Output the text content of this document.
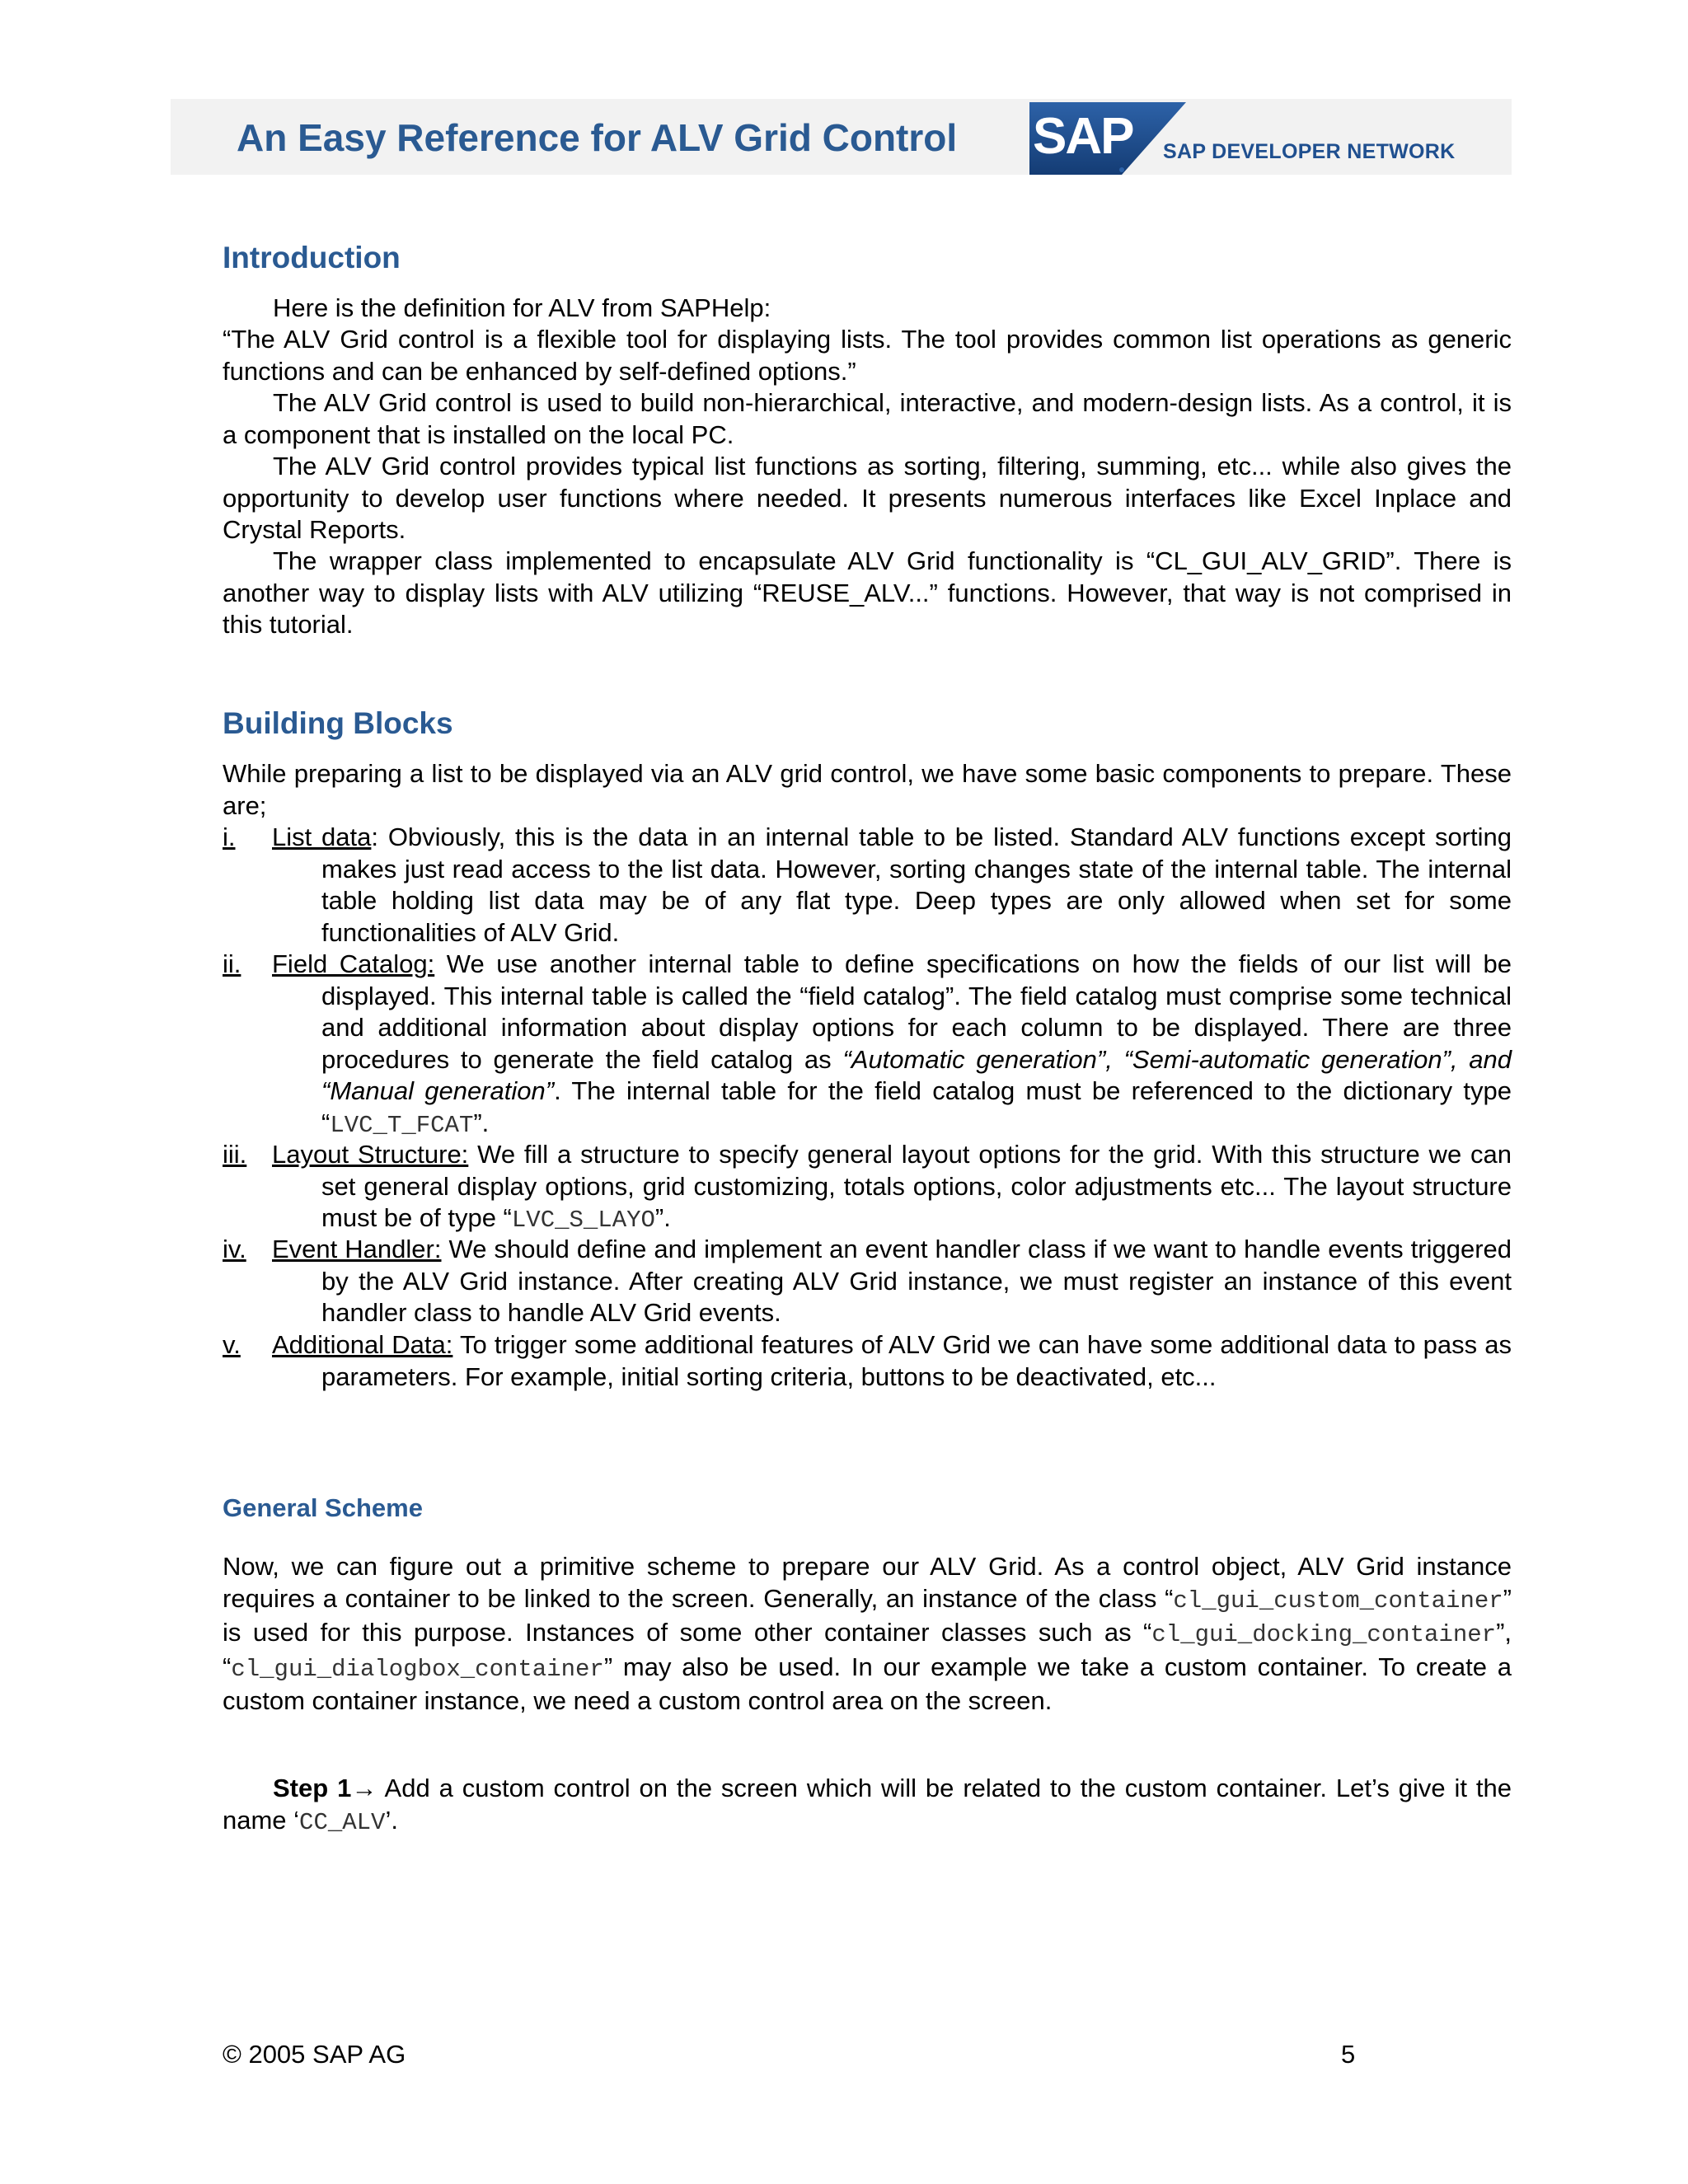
An Easy Reference for ALV Grid Control SAP SAP DEVELOPER NETWORK
Introduction
Here is the definition for ALV from SAPHelp:
“The ALV Grid control is a flexible tool for displaying lists. The tool provides common list operations as generic functions and can be enhanced by self-defined options.”
The ALV Grid control is used to build non-hierarchical, interactive, and modern-design lists. As a control, it is a component that is installed on the local PC.
The ALV Grid control provides typical list functions as sorting, filtering, summing, etc... while also gives the opportunity to develop user functions where needed. It presents numerous interfaces like Excel Inplace and Crystal Reports.
The wrapper class implemented to encapsulate ALV Grid functionality is “CL_GUI_ALV_GRID”. There is another way to display lists with ALV utilizing “REUSE_ALV...” functions. However, that way is not comprised in this tutorial.
Building Blocks
While preparing a list to be displayed via an ALV grid control, we have some basic components to prepare. These are;
i.	List data: Obviously, this is the data in an internal table to be listed. Standard ALV functions except sorting makes just read access to the list data. However, sorting changes state of the internal table. The internal table holding list data may be of any flat type. Deep types are only allowed when set for some functionalities of ALV Grid.
ii.	Field Catalog: We use another internal table to define specifications on how the fields of our list will be displayed. This internal table is called the “field catalog”. The field catalog must comprise some technical and additional information about display options for each column to be displayed. There are three procedures to generate the field catalog as “Automatic generation”, “Semi-automatic generation”, and “Manual generation”. The internal table for the field catalog must be referenced to the dictionary type “LVC_T_FCAT”.
iii. Layout Structure: We fill a structure to specify general layout options for the grid. With this structure we can set general display options, grid customizing, totals options, color adjustments etc... The layout structure must be of type “LVC_S_LAYO”.
iv.	Event Handler: We should define and implement an event handler class if we want to handle events triggered by the ALV Grid instance. After creating ALV Grid instance, we must register an instance of this event handler class to handle ALV Grid events.
v.	Additional Data: To trigger some additional features of ALV Grid we can have some additional data to pass as parameters. For example, initial sorting criteria, buttons to be deactivated, etc...
General Scheme
Now, we can figure out a primitive scheme to prepare our ALV Grid. As a control object, ALV Grid instance requires a container to be linked to the screen. Generally, an instance of the class “cl_gui_custom_container” is used for this purpose. Instances of some other container classes such as “cl_gui_docking_container”, “cl_gui_dialogbox_container” may also be used. In our example we take a custom container. To create a custom container instance, we need a custom control area on the screen.
Step 1→ Add a custom control on the screen which will be related to the custom container. Let’s give it the name ‘CC_ALV’.
© 2005 SAP AG	5
